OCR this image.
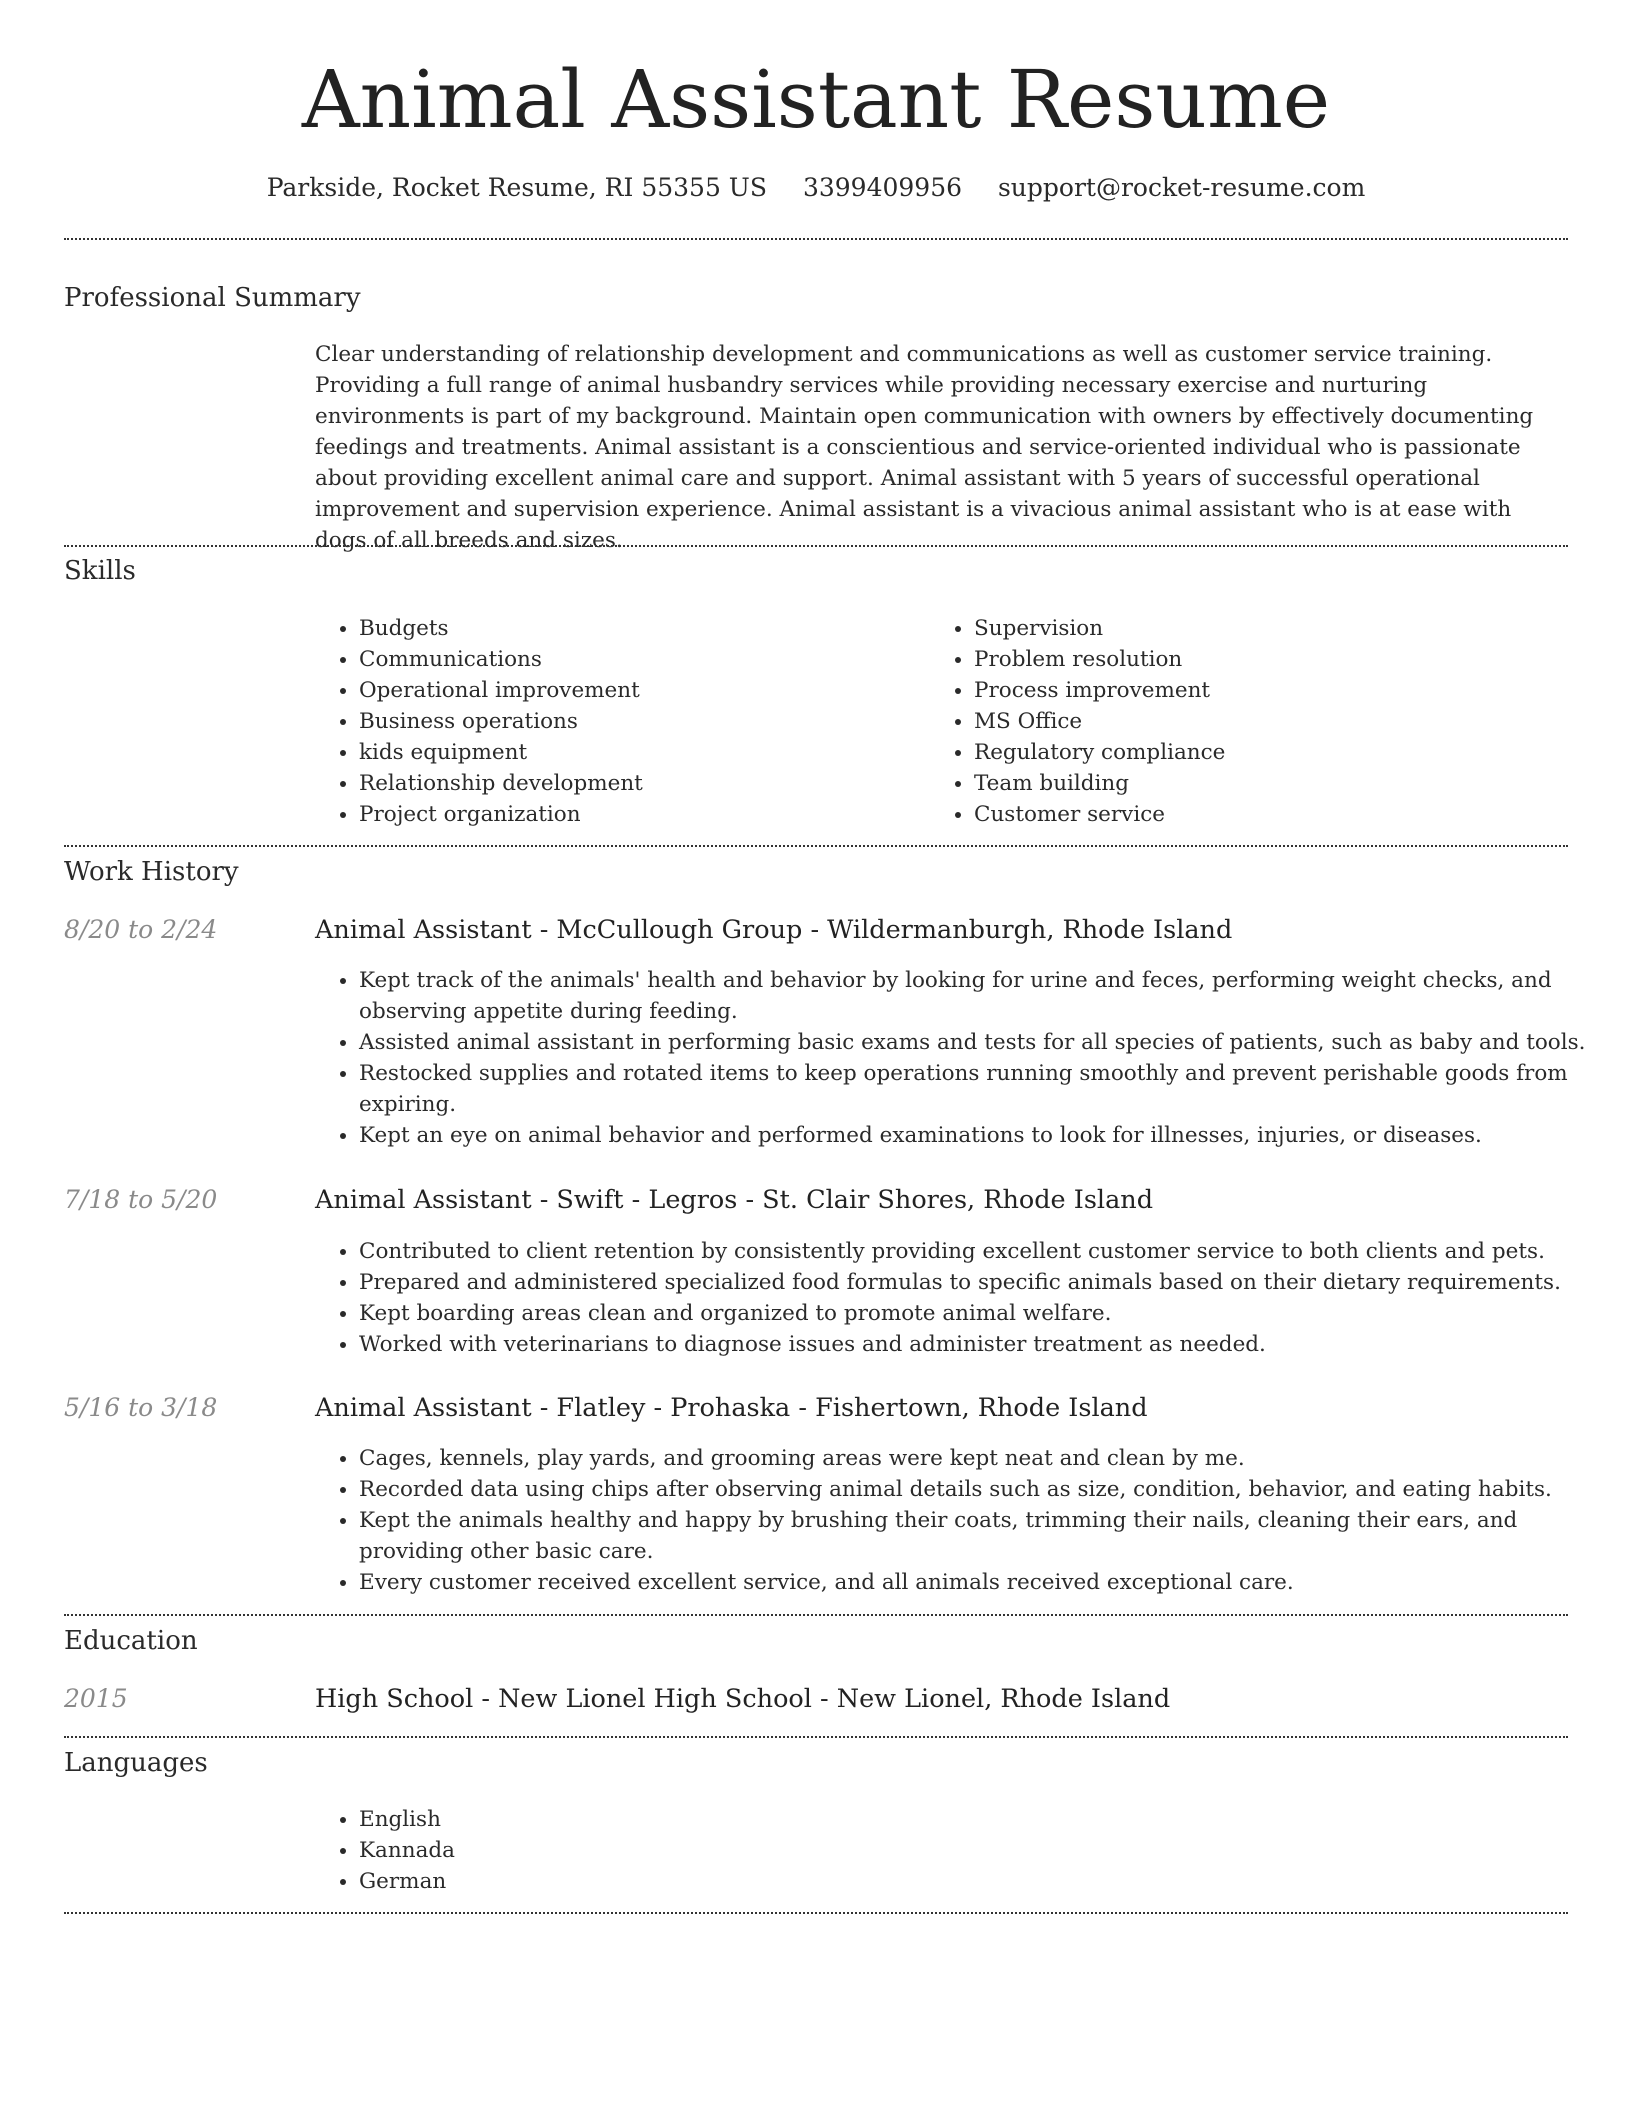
Animal Assistant Resume
Parkside, Rocket Resume, RI 55355 US 3399409956 support@rocket-resume.com
Professional Summary

Clear understanding of relationship development and communications as well as customer service training. Providing a full range of animal husbandry services while providing necessary exercise and nurturing environments is part of my background. Maintain open communication with owners by effectively documenting feedings and treatments. Animal assistant is a conscientious and service-oriented individual who is passionate about providing excellent animal care and support. Animal assistant with 5 years of successful operational improvement and supervision experience. Animal assistant is a vivacious animal assistant who is at ease with dogs of all breeds and sizes.

Skills
• Budgets
• Communications
• Operational improvement
• Business operations
• kids equipment
• Relationship development
• Project organization
• Supervision
• Problem resolution
• Process improvement
• MS Office
• Regulatory compliance
• Team building
• Customer service
Work History
8/20 to 2/24	Animal Assistant - McCullough Group - Wildermanburgh, Rhode Island
• Kept track of the animals' health and behavior by looking for urine and feces, performing weight checks, and observing appetite during feeding.
• Assisted animal assistant in performing basic exams and tests for all species of patients, such as baby and tools.
• Restocked supplies and rotated items to keep operations running smoothly and prevent perishable goods from expiring.
• Kept an eye on animal behavior and performed examinations to look for illnesses, injuries, or diseases.
7/18 to 5/20	Animal Assistant - Swift - Legros - St. Clair Shores, Rhode Island
• Contributed to client retention by consistently providing excellent customer service to both clients and pets.
• Prepared and administered specialized food formulas to specific animals based on their dietary requirements.
• Kept boarding areas clean and organized to promote animal welfare.
• Worked with veterinarians to diagnose issues and administer treatment as needed.
5/16 to 3/18	Animal Assistant - Flatley - Prohaska - Fishertown, Rhode Island
• Cages, kennels, play yards, and grooming areas were kept neat and clean by me.
• Recorded data using chips after observing animal details such as size, condition, behavior, and eating habits.
• Kept the animals healthy and happy by brushing their coats, trimming their nails, cleaning their ears, and providing other basic care.
• Every customer received excellent service, and all animals received exceptional care.
Education
2015	High School - New Lionel High School - New Lionel, Rhode Island
Languages
• English
• Kannada
• German
